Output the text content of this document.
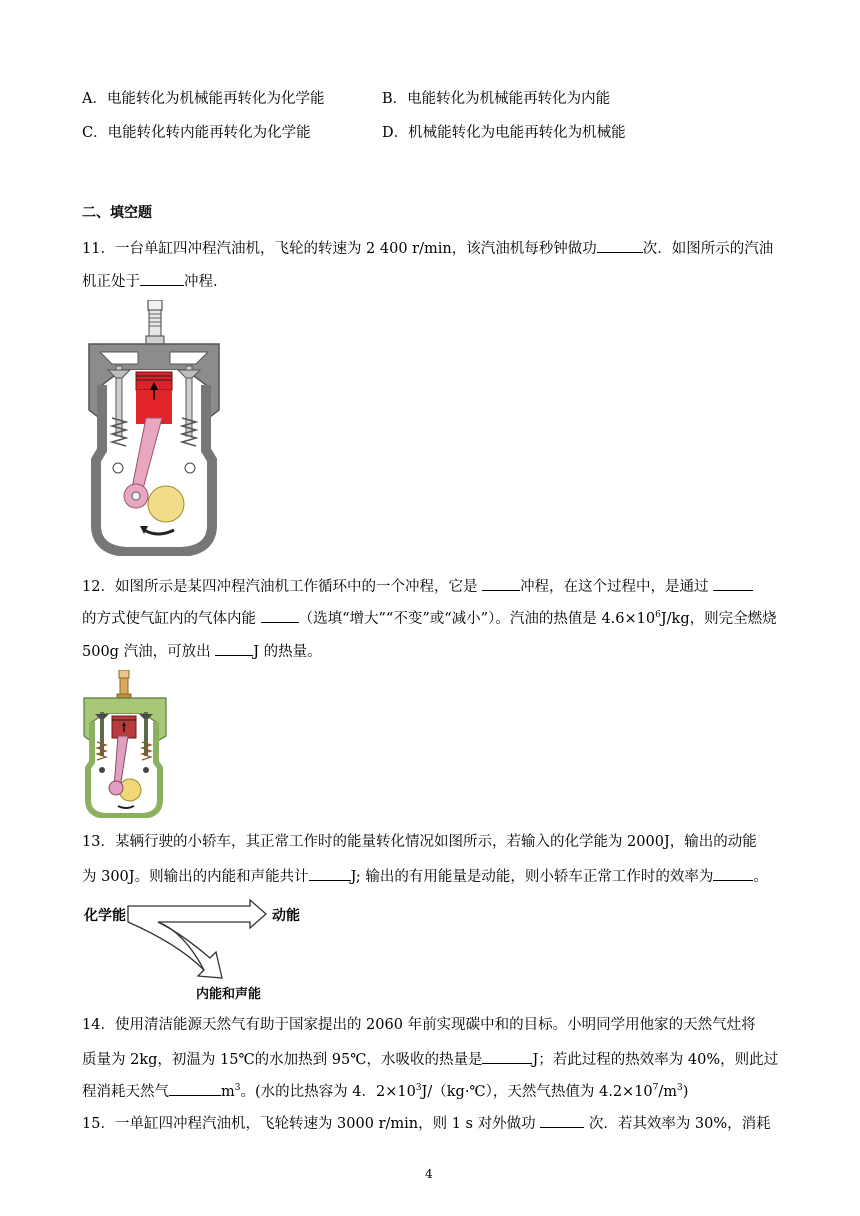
A．电能转化为机械能再转化为化学能	B．电能转化为机械能再转化为内能
C．电能转化转内能再转化为化学能	D．机械能转化为电能再转化为机械能
二、填空题
11．一台单缸四冲程汽油机，飞轮的转速为 2 400 r/min，该汽油机每秒钟做功	次．如图所示的汽油
机正处于	冲程.
12．如图所示是某四冲程汽油机工作循环中的一个冲程，它是	冲程，在这个过程中，是通过
的方式使气缸内的气体内能	（选填“增大”“不变”或“减小”）。汽油的热值是 $4.6\times 10^6J/kg$，则完全燃烧
500g 汽油，可放出	J 的热量。
13．某辆行驶的小轿车，其正常工作时的能量转化情况如图所示，若输入的化学能为 2000J，输出的动能
为 300J。则输出的内能和声能共计	J; 输出的有用能量是动能，则小轿车正常工作时的效率为	。
化学能	动能
内能和声能
14．使用清洁能源天然气有助于国家提出的 2060 年前实现碳中和的目标。小明同学用他家的天然气灶将
质量为 2kg，初温为 15℃的水加热到 95℃，水吸收的热量是	J；若此过程的热效率为 40%，则此过
程消耗天然气	$m^3$。(水的比热容为 4．$2\times 10^3J/(kg\cdot℃)$，天然气热值为 $4.2\times 10^7/m^3$)
15．一单缸四冲程汽油机，飞轮转速为 3000 r/min，则 1 s 对外做功	次．若其效率为 30%，消耗
4
